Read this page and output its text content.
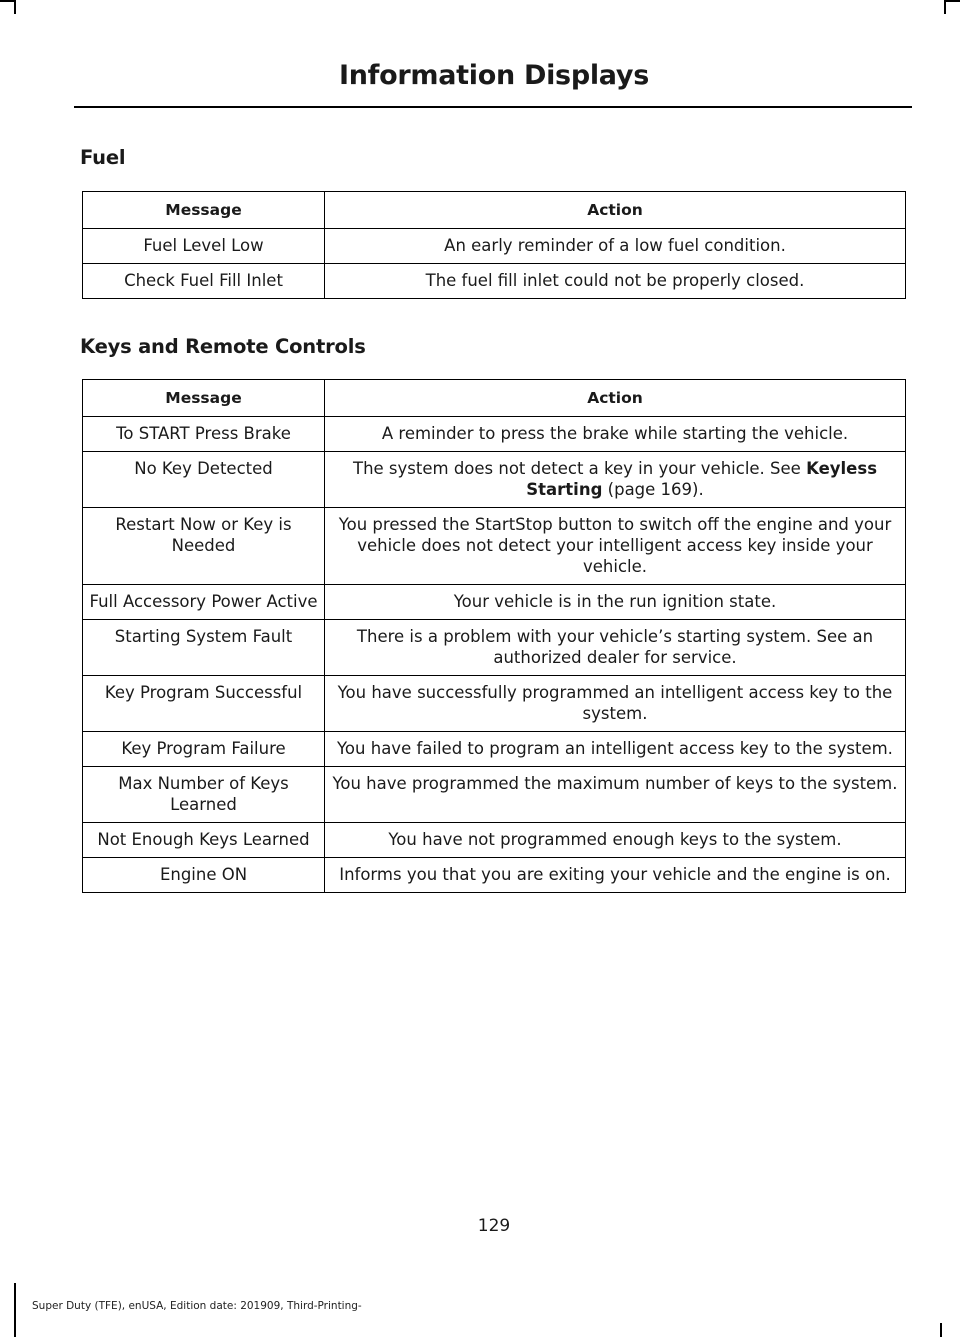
Information Displays
Fuel
Message	Action
Fuel Level Low	An early reminder of a low fuel condition.
Check Fuel Fill Inlet	The fuel fill inlet could not be properly closed.
Keys and Remote Controls
Message	Action
To START Press Brake	A reminder to press the brake while starting the vehicle.
No Key Detected	The system does not detect a key in your vehicle. See Keyless Starting (page 169).
Restart Now or Key is Needed	You pressed the StartStop button to switch off the engine and your vehicle does not detect your intelligent access key inside your vehicle.
Full Accessory Power Active	Your vehicle is in the run ignition state.
Starting System Fault	There is a problem with your vehicle’s starting system. See an authorized dealer for service.
Key Program Successful	You have successfully programmed an intelligent access key to the system.
Key Program Failure	You have failed to program an intelligent access key to the system.
Max Number of Keys Learned	You have programmed the maximum number of keys to the system.
Not Enough Keys Learned	You have not programmed enough keys to the system.
Engine ON	Informs you that you are exiting your vehicle and the engine is on.
129
Super Duty (TFE), enUSA, Edition date: 201909, Third-Printing-
